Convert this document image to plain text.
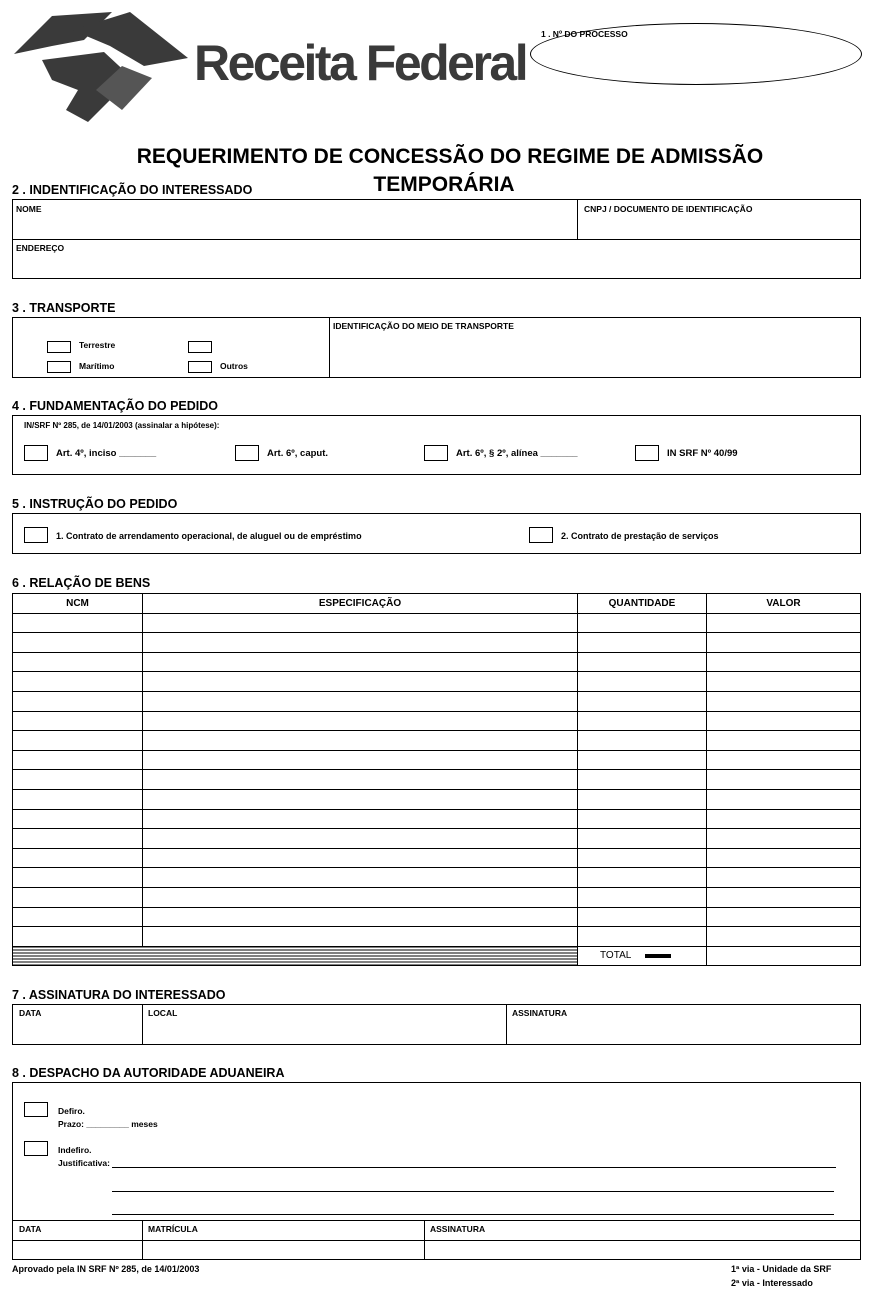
Receita Federal
1 . Nº DO PROCESSO
REQUERIMENTO DE CONCESSÃO DO REGIME DE ADMISSÃO
TEMPORÁRIA
2 . INDENTIFICAÇÃO DO INTERESSADO
NOME	CNPJ / DOCUMENTO DE IDENTIFICAÇÃO
ENDEREÇO
3 . TRANSPORTE
Terrestre
Marítimo	Outros
IDENTIFICAÇÃO DO MEIO DE TRANSPORTE
4 . FUNDAMENTAÇÃO DO PEDIDO
IN/SRF Nº 285, de 14/01/2003 (assinalar a hipótese):
Art. 4º, inciso _______	Art. 6º, caput.	Art. 6º, § 2º, alínea _______	IN SRF Nº 40/99
5 . INSTRUÇÃO DO PEDIDO
1. Contrato de arrendamento operacional, de aluguel ou de empréstimo	2. Contrato de prestação de serviços
6 . RELAÇÃO DE BENS
NCM	ESPECIFICAÇÃO	QUANTIDADE	VALOR

		TOTAL	
7 . ASSINATURA DO INTERESSADO
DATA	LOCAL	ASSINATURA
8 . DESPACHO DA AUTORIDADE ADUANEIRA
Defiro.
Prazo: _________ meses
Indefiro.
Justificativa:
DATA	MATRÍCULA	ASSINATURA
Aprovado pela IN SRF Nº 285, de 14/01/2003	1ª via - Unidade da SRF
2ª via - Interessado
